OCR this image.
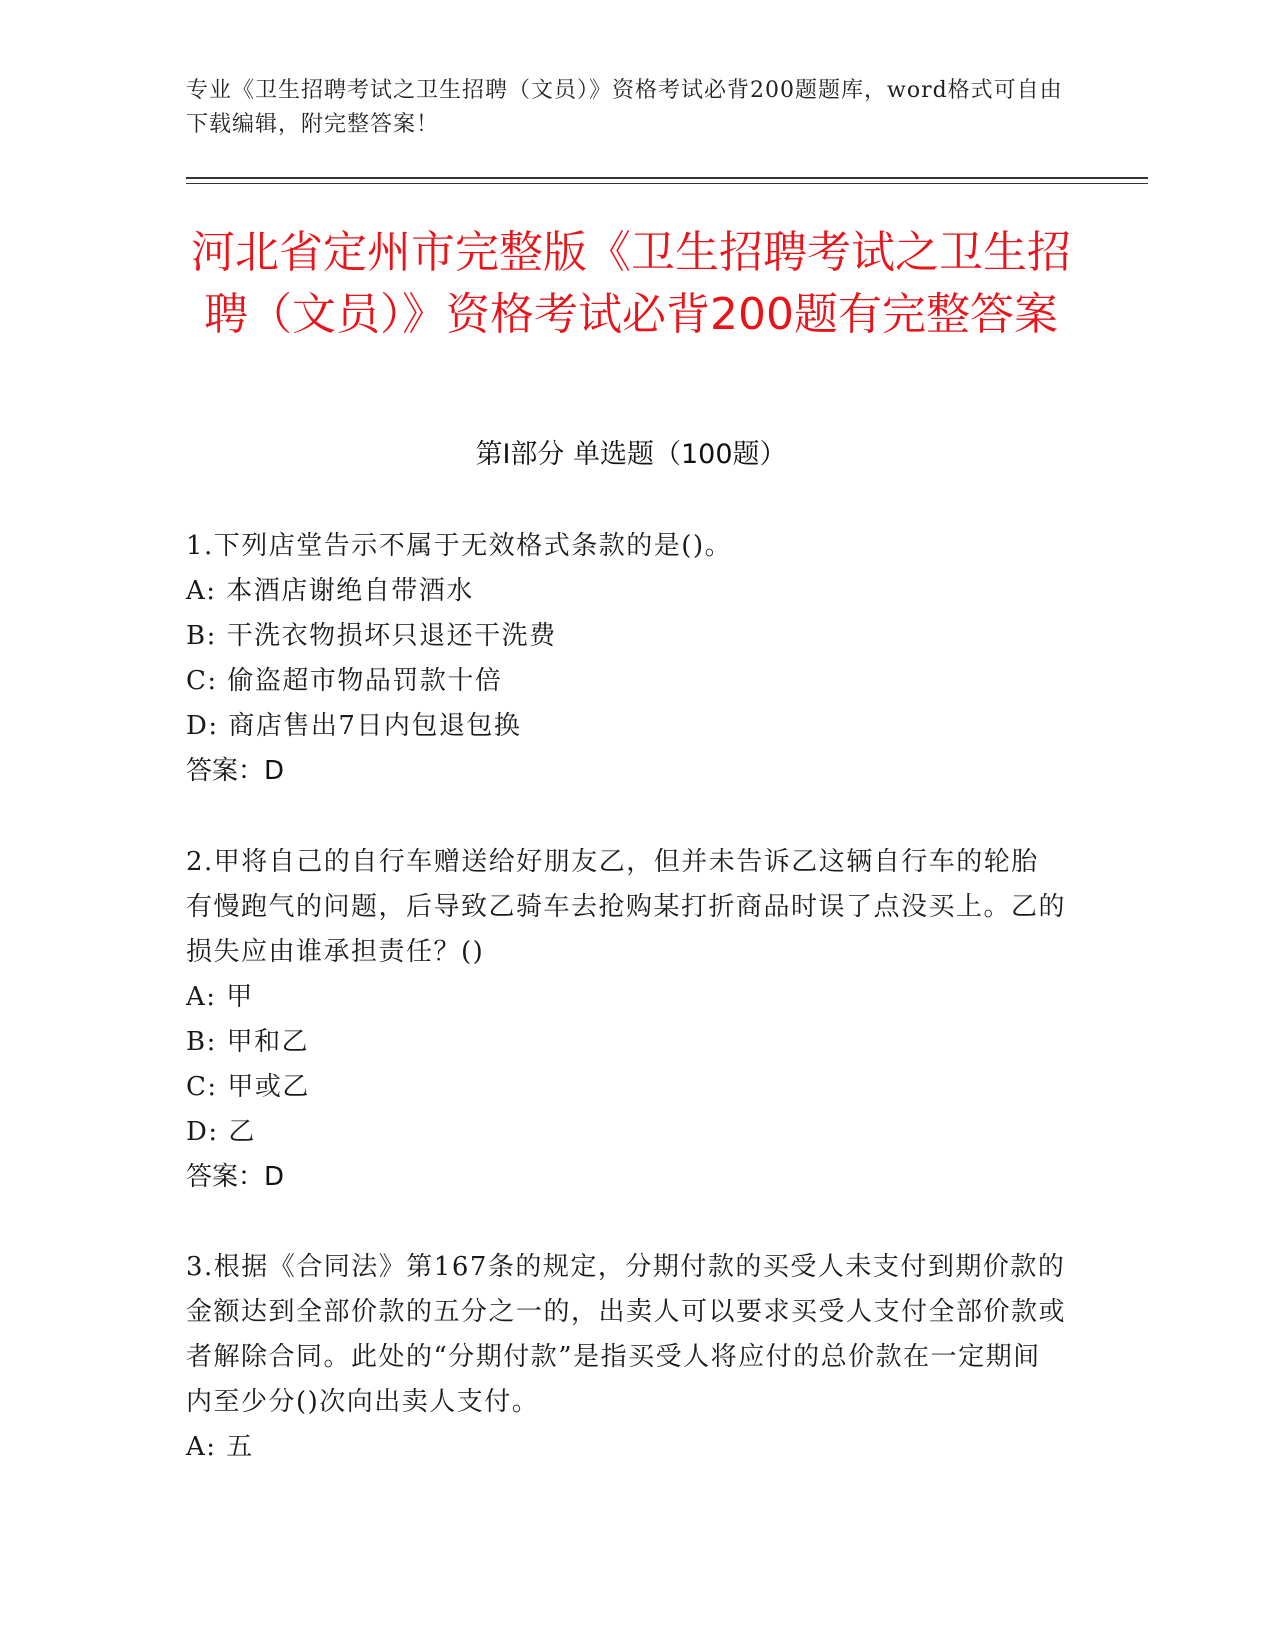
专业《卫生招聘考试之卫生招聘（文员）》资格考试必背200题题库，word格式可自由下载编辑，附完整答案！
河北省定州市完整版《卫生招聘考试之卫生招聘（文员）》资格考试必背200题有完整答案
第Ⅰ部分 单选题（100题）
1.下列店堂告示不属于无效格式条款的是()。
A: 本酒店谢绝自带酒水
B: 干洗衣物损坏只退还干洗费
C: 偷盗超市物品罚款十倍
D: 商店售出7日内包退包换
答案：D
2.甲将自己的自行车赠送给好朋友乙，但并未告诉乙这辆自行车的轮胎有慢跑气的问题，后导致乙骑车去抢购某打折商品时误了点没买上。乙的损失应由谁承担责任？()
A: 甲
B: 甲和乙
C: 甲或乙
D: 乙
答案：D
3.根据《合同法》第167条的规定，分期付款的买受人未支付到期价款的金额达到全部价款的五分之一的，出卖人可以要求买受人支付全部价款或者解除合同。此处的“分期付款”是指买受人将应付的总价款在一定期间内至少分()次向出卖人支付。
A: 五
